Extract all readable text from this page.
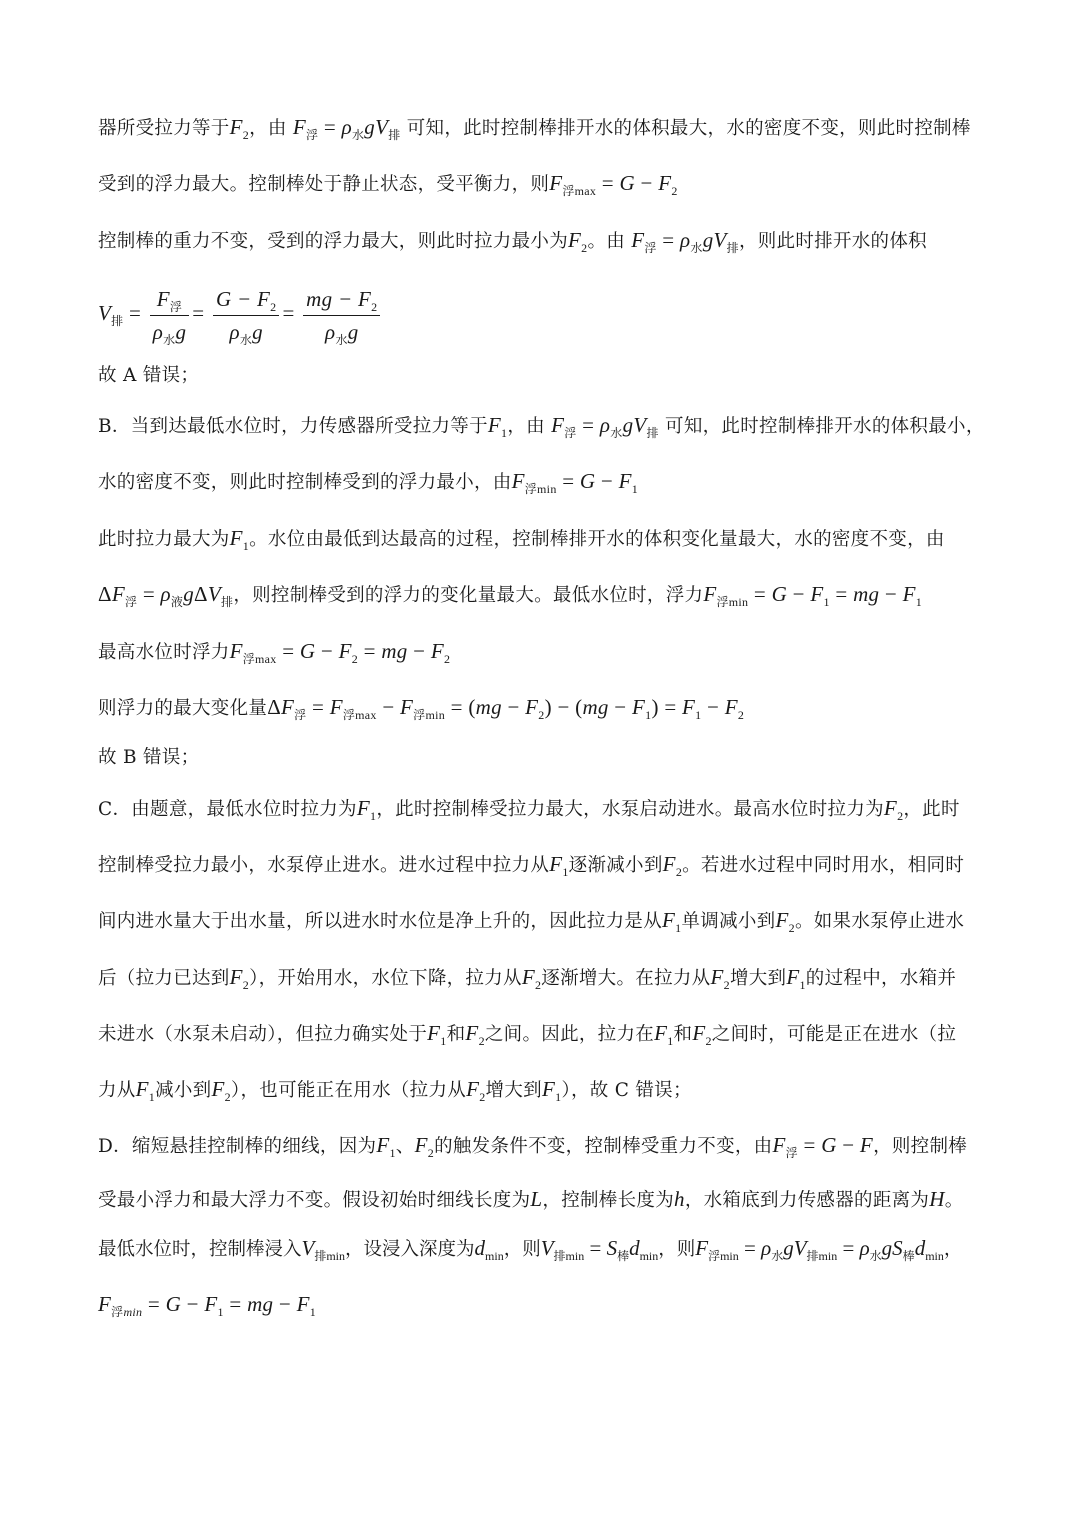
器所受拉力等于$F_2$，由 $F_浮 = \rho_水gV_排$ 可知，此时控制棒排开水的体积最大，水的密度不变，则此时控制棒
受到的浮力最大。控制棒处于静止状态，受平衡力，则$F_{浮max} = G - F_2$
控制棒的重力不变，受到的浮力最大，则此时拉力最小为$F_2$。由 $F_浮 = \rho_水gV_排$，则此时排开水的体积
$V_排 = \frac{F_浮}{\rho_水g} = \frac{G - F_2}{\rho_水g} = \frac{mg - F_2}{\rho_水g}$
故 A 错误；
B．当到达最低水位时，力传感器所受拉力等于$F_1$，由 $F_浮 = \rho_水gV_排$ 可知，此时控制棒排开水的体积最小，
水的密度不变，则此时控制棒受到的浮力最小，由$F_{浮min} = G - F_1$
此时拉力最大为$F_1$。水位由最低到达最高的过程，控制棒排开水的体积变化量最大，水的密度不变，由
$\Delta F_浮 = \rho_液g\Delta V_排$，则控制棒受到的浮力的变化量最大。最低水位时，浮力$F_{浮min} = G - F_1$ = mg − $F_1$
最高水位时浮力$F_{浮max} = G - F_2$ = mg − $F_2$
则浮力的最大变化量$\Delta F_浮 = F_{浮max} - F_{浮min} = (mg - F_2) - (mg - F_1) = F_1 - F_2$
故 B 错误；
C．由题意，最低水位时拉力为$F_1$，此时控制棒受拉力最大，水泵启动进水。最高水位时拉力为$F_2$，此时
控制棒受拉力最小，水泵停止进水。进水过程中拉力从$F_1$逐渐减小到$F_2$。若进水过程中同时用水，相同时
间内进水量大于出水量，所以进水时水位是净上升的，因此拉力是从$F_1$单调减小到$F_2$。如果水泵停止进水
后（拉力已达到$F_2$），开始用水，水位下降，拉力从$F_2$逐渐增大。在拉力从$F_2$增大到$F_1$的过程中，水箱并
未进水（水泵未启动），但拉力确实处于$F_1$和$F_2$之间。因此，拉力在$F_1$和$F_2$之间时，可能是正在进水（拉
力从$F_1$减小到$F_2$），也可能正在用水（拉力从$F_2$增大到$F_1$），故 C 错误；
D．缩短悬挂控制棒的细线，因为$F_1$、$F_2$的触发条件不变，控制棒受重力不变，由$F_浮 = G - F$，则控制棒
受最小浮力和最大浮力不变。假设初始时细线长度为L，控制棒长度为h，水箱底到力传感器的距离为H。
最低水位时，控制棒浸入$V_{排min}$，设浸入深度为$d_{min}$，则$V_{排min} = S_棒d_{min}$，则$F_{浮min} = \rho_水gV_{排min} = \rho_水gS_棒d_{min}$，
$F_{浮min} = G - F_1$ = mg − $F_1$
